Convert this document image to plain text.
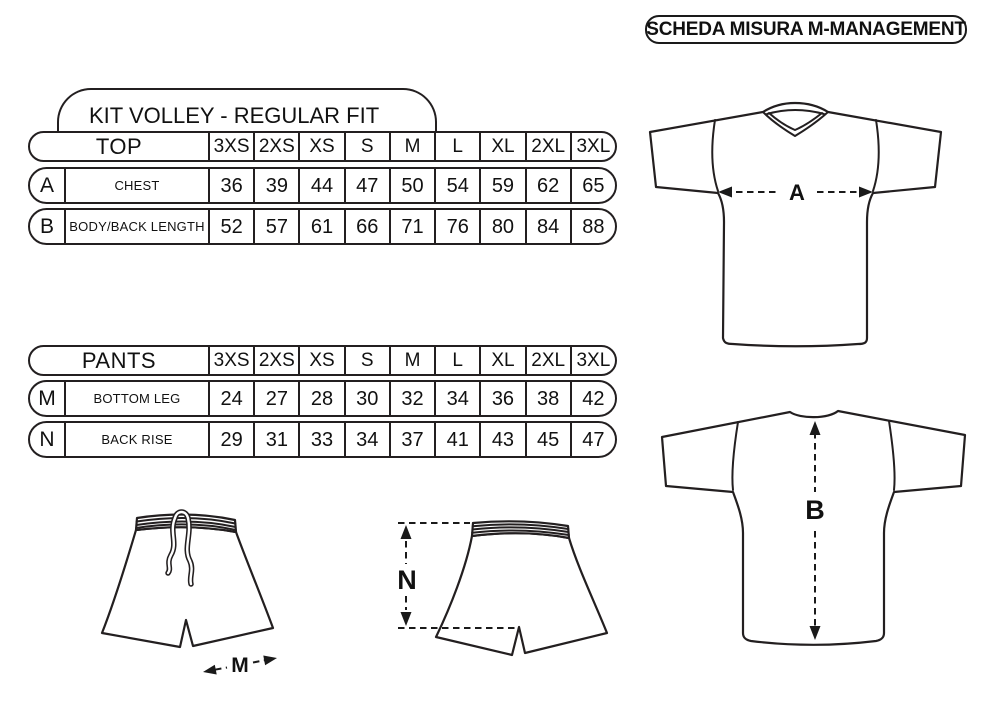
SCHEDA MISURA M-MANAGEMENT
KIT VOLLEY - REGULAR FIT
TOP	3XS 2XS XS	S	M	L	XL 2XL 3XL
A	CHEST	36	39	44	47	50	54	59	62	65
B	BODY/BACK LENGTH 52	57	61	66	71	76	80	84	88
PANTS	3XS 2XS XS	S	M	L	XL 2XL 3XL
M	BOTTOM LEG	24	27	28	30	32	34	36	38	42
N	BACK RISE	29	31	33	34	37	41	43	45	47
A
B
M
N
